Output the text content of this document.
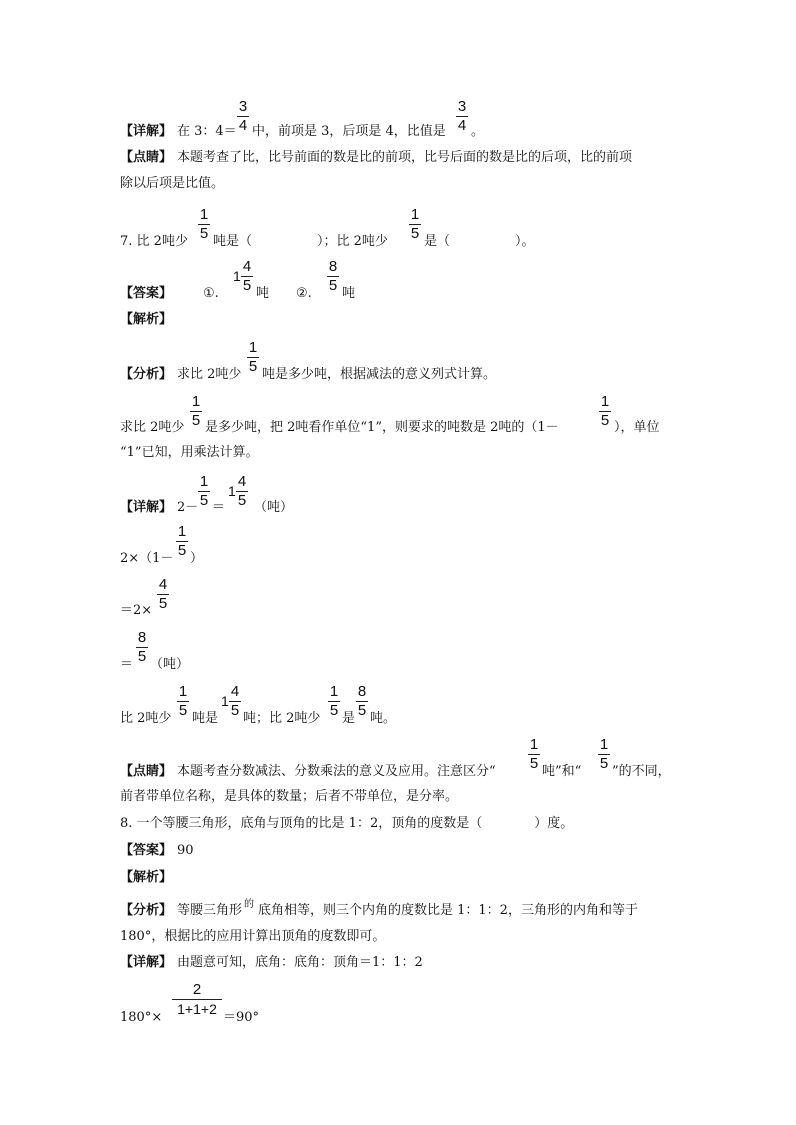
【详解】 在 3：4＝
3
4 中，前项是 3，后项是 4，比值是
3
4 。
【点睛】 本题考查了比，比号前面的数是比的前项，比号后面的数是比的后项，比的前项
除以后项是比值。
7. 比 2吨少
1
5 吨是（　　　　　）；比 2吨少
1
5 是（　　　　　）。
【答案】 ①.
1
4
5 吨 ②.
8
5 吨
【解析】
【分析】 求比 2吨少
1
5 吨是多少吨，根据减法的意义列式计算。
求比 2吨少
1
5 是多少吨，把 2吨看作单位“1”，则要求的吨数是 2吨的（1－
1
5 ），单位
“1”已知，用乘法计算。
【详解】 2－
1
5 ＝
1
4
5 （吨）
2×（1－
1
5 ）
＝2×
4
5
＝
8
5 （吨）
比 2吨少
1
5 吨是
1
4
5 吨；比 2吨少
1
5 是
8
5 吨。
【点睛】 本题考查分数减法、分数乘法的意义及应用。注意区分“
1
5 吨”和“
1
5 ”的不同，
前者带单位名称，是具体的数量；后者不带单位，是分率。
8. 一个等腰三角形，底角与顶角的比是 1：2，顶角的度数是（　　　　）度。
【答案】 90
【解析】
【分析】 等腰三角形 的 底角相等，则三个内角的度数比是 1：1：2，三角形的内角和等于
180°，根据比的应用计算出顶角的度数即可。
【详解】 由题意可知，底角：底角：顶角＝1：1：2
180°×
2
1+1+2
＝90°
